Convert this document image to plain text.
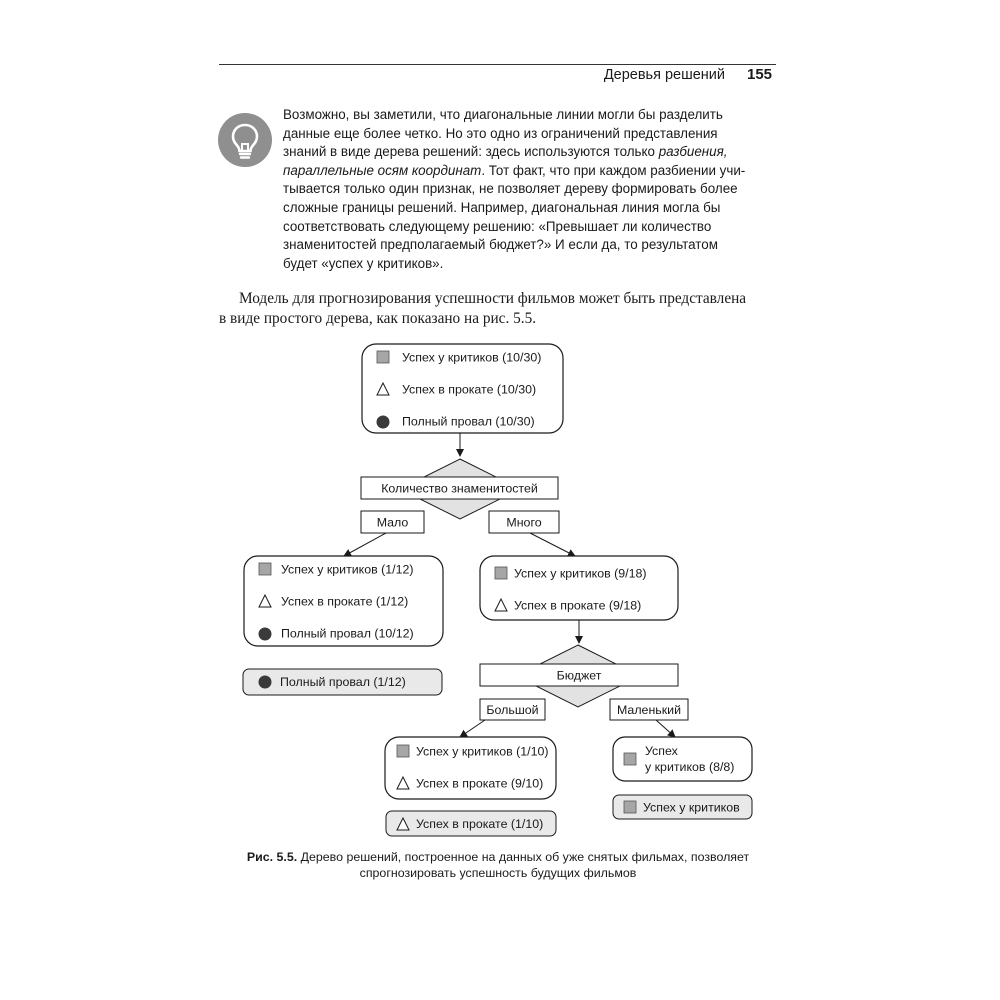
Деревья решений 155
Возможно, вы заметили, что диагональные линии могли бы разделить
данные еще более четко. Но это одно из ограничений представления
знаний в виде дерева решений: здесь используются только разбиения,
параллельные осям координат. Тот факт, что при каждом разбиении учи-
тывается только один признак, не позволяет дереву формировать более
сложные границы решений. Например, диагональная линия могла бы
соответствовать следующему решению: «Превышает ли количество
знаменитостей предполагаемый бюджет?» И если да, то результатом
будет «успех у критиков».
Модель для прогнозирования успешности фильмов может быть представлена
в виде простого дерева, как показано на рис. 5.5.
Успех у критиков (10/30)
Успех в прокате (10/30)
Полный провал (10/30)
Количество знаменитостей
Мало	Много
Успех у критиков (1/12)
Успех в прокате (1/12)
Полный провал (10/12)
Полный провал (1/12)
Успех у критиков (9/18)
Успех в прокате (9/18)
Бюджет
Большой	Маленький
Успех у критиков (1/10)
Успех в прокате (9/10)
Успех в прокате (1/10)
Успех
у критиков (8/8)
Успех у критиков
Рис. 5.5. Дерево решений, построенное на данных об уже снятых фильмах, позволяет
спрогнозировать успешность будущих фильмов
